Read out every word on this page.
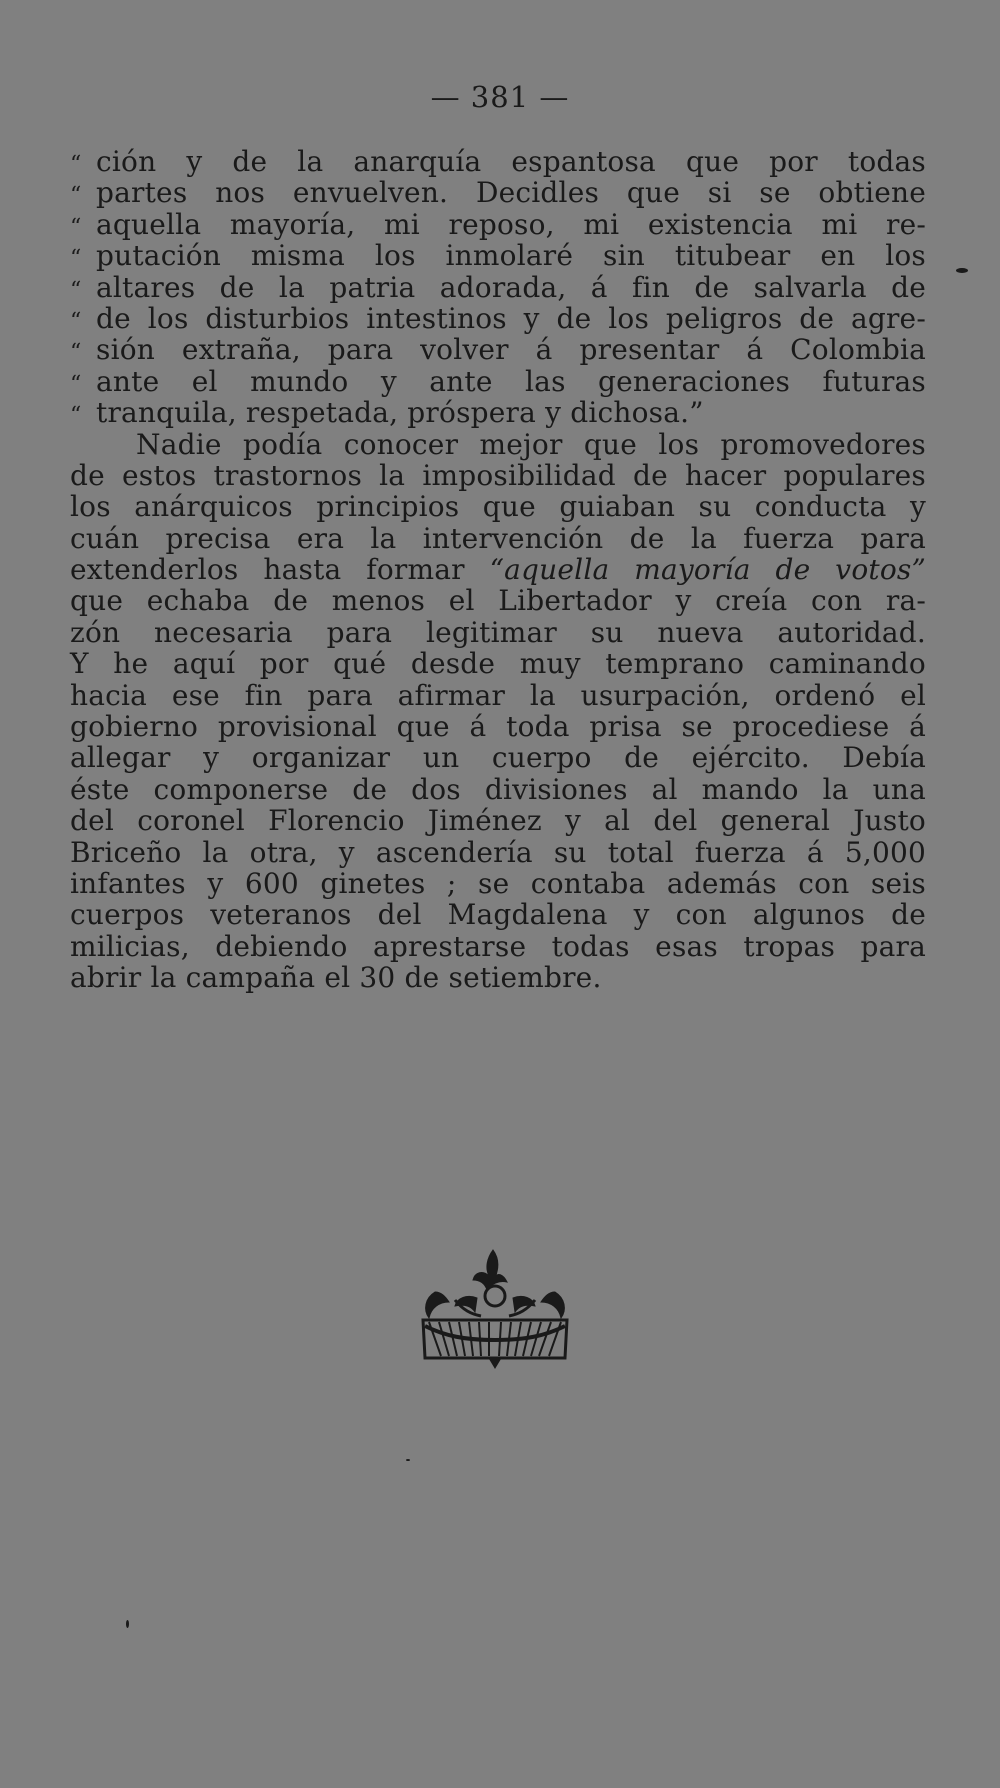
— 381 —
“ ción y de la anarquía espantosa que por todas
“ partes nos envuelven. Decidles que si se obtiene
“ aquella mayoría, mi reposo, mi existencia mi re-
“ putación misma los inmolaré sin titubear en los
“ altares de la patria adorada, á fin de salvarla de
“ de los disturbios intestinos y de los peligros de agre-
“ sión extraña, para volver á presentar á Colombia
“ ante el mundo y ante las generaciones futuras
“ tranquila, respetada, próspera y dichosa.”
Nadie podía conocer mejor que los promovedores
de estos trastornos la imposibilidad de hacer populares
los anárquicos principios que guiaban su conducta y
cuán precisa era la intervención de la fuerza para
extenderlos hasta formar “aquella mayoría de votos”
que echaba de menos el Libertador y creía con ra-
zón necesaria para legitimar su nueva autoridad.
Y he aquí por qué desde muy temprano caminando
hacia ese fin para afirmar la usurpación, ordenó el
gobierno provisional que á toda prisa se procediese á
allegar y organizar un cuerpo de ejército. Debía
éste componerse de dos divisiones al mando la una
del coronel Florencio Jiménez y al del general Justo
Briceño la otra, y ascendería su total fuerza á 5,000
infantes y 600 ginetes ; se contaba además con seis
cuerpos veteranos del Magdalena y con algunos de
milicias, debiendo aprestarse todas esas tropas para
abrir la campaña el 30 de setiembre.
